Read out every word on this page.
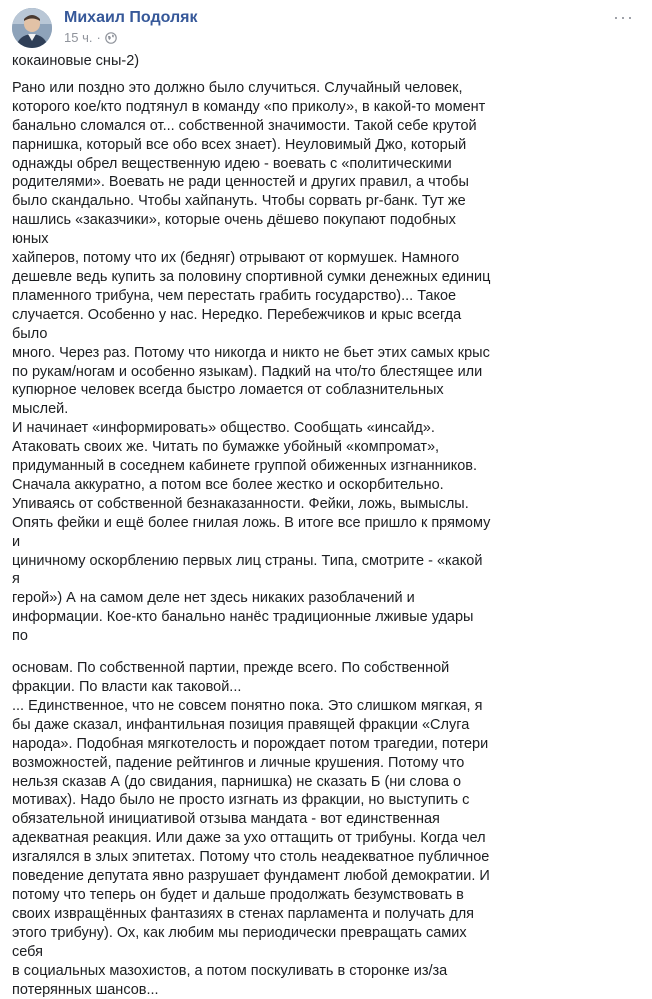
Михаил Подоляк
15 ч. ·
···

кокаиновые сны-2)

Рано или поздно это должно было случиться. Случайный человек,
которого кое/кто подтянул в команду «по приколу», в какой-то момент
банально сломался от... собственной значимости. Такой себе крутой
парнишка, который все обо всех знает). Неуловимый Джо, который
однажды обрел вещественную идею - воевать с «политическими
родителями». Воевать не ради ценностей и других правил, а чтобы
было скандально. Чтобы хайпануть. Чтобы сорвать pr-банк. Тут же
нашлись «заказчики», которые очень дёшево покупают подобных юных
хайперов, потому что их (бедняг) отрывают от кормушек. Намного
дешевле ведь купить за половину спортивной сумки денежных единиц
пламенного трибуна, чем перестать грабить государство)... Такое
случается. Особенно у нас. Нередко. Перебежчиков и крыс всегда было
много. Через раз. Потому что никогда и никто не бьет этих самых крыс
по рукам/ногам и особенно языкам). Падкий на что/то блестящее или
купюрное человек всегда быстро ломается от соблазнительных мыслей.
И начинает «информировать» общество. Сообщать «инсайд».
Атаковать своих же. Читать по бумажке убойный «компромат»,
придуманный в соседнем кабинете группой обиженных изгнанников.
Сначала аккуратно, а потом все более жестко и оскорбительно.
Упиваясь от собственной безнаказанности. Фейки, ложь, вымыслы.
Опять фейки и ещё более гнилая ложь. В итоге все пришло к прямому и
циничному оскорблению первых лиц страны. Типа, смотрите - «какой я
герой») А на самом деле нет здесь никаких разоблачений и
информации. Кое-кто банально нанёс традиционные лживые удары по

основам. По собственной партии, прежде всего. По собственной
фракции. По власти как таковой...
... Единственное, что не совсем понятно пока. Это слишком мягкая, я
бы даже сказал, инфантильная позиция правящей фракции «Слуга
народа». Подобная мягкотелость и порождает потом трагедии, потери
возможностей, падение рейтингов и личные крушения. Потому что
нельзя сказав А (до свидания, парнишка) не сказать Б (ни слова о
мотивах). Надо было не просто изгнать из фракции, но выступить с
обязательной инициативой отзыва мандата - вот единственная
адекватная реакция. Или даже за ухо оттащить от трибуны. Когда чел
изгалялся в злых эпитетах. Потому что столь неадекватное публичное
поведение депутата явно разрушает фундамент любой демократии. И
потому что теперь он будет и дальше продолжать безумствовать в
своих извращённых фантазиях в стенах парламента и получать для
этого трибуну). Ох, как любим мы периодически превращать самих себя
в социальных мазохистов, а потом поскуливать в сторонке из/за
потерянных шансов...
